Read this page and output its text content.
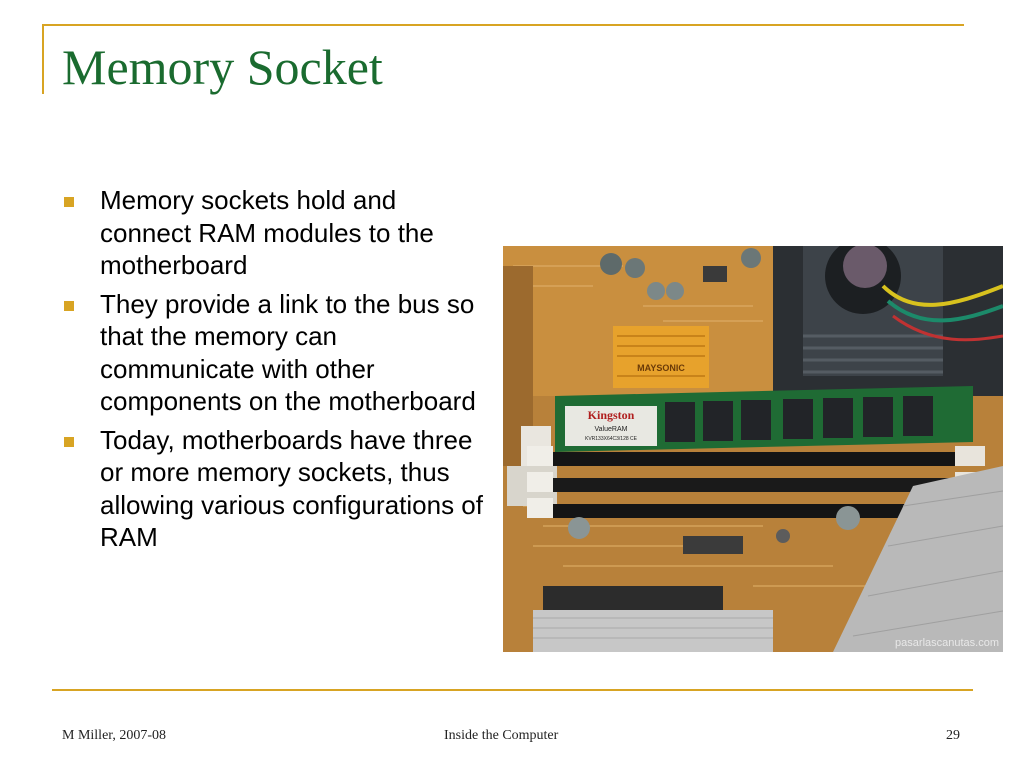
Memory Socket
Memory sockets hold and connect RAM modules to the motherboard
They provide a link to the bus so that the memory can communicate with other components on the motherboard
Today, motherboards have three or more memory sockets, thus allowing various configurations of RAM
MAYSONIC
Kingston
ValueRAM
KVR133X64C3/128 CE
pasarlascanutas.com
M Miller, 2007-08	Inside the Computer	29
